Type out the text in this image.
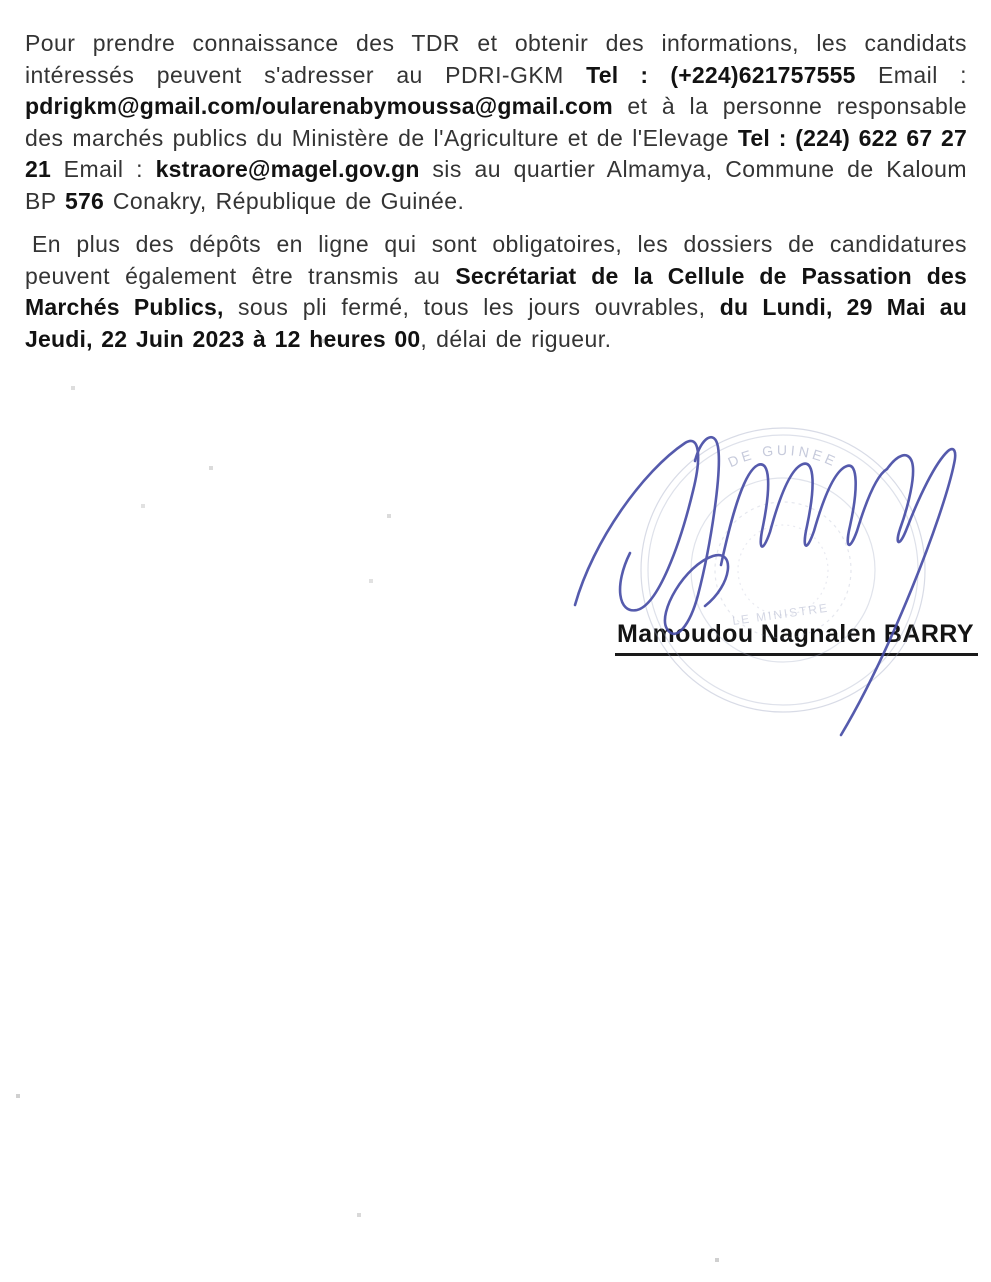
Pour prendre connaissance des TDR et obtenir des informations, les candidats intéressés peuvent s'adresser au PDRI-GKM Tel : (+224)621757555 Email : pdrigkm@gmail.com/oularenabymoussa@gmail.com et à la personne responsable des marchés publics du Ministère de l'Agriculture et de l'Elevage Tel : (224) 622 67 27 21 Email : kstraore@magel.gov.gn sis au quartier Almamya, Commune de Kaloum BP 576 Conakry, République de Guinée.

En plus des dépôts en ligne qui sont obligatoires, les dossiers de candidatures peuvent également être transmis au Secrétariat de la Cellule de Passation des Marchés Publics, sous pli fermé, tous les jours ouvrables, du Lundi, 29 Mai au Jeudi, 22 Juin 2023 à 12 heures 00, délai de rigueur.

Mamoudou Nagnalen BARRY
DE GUINEE
LE MINISTRE
